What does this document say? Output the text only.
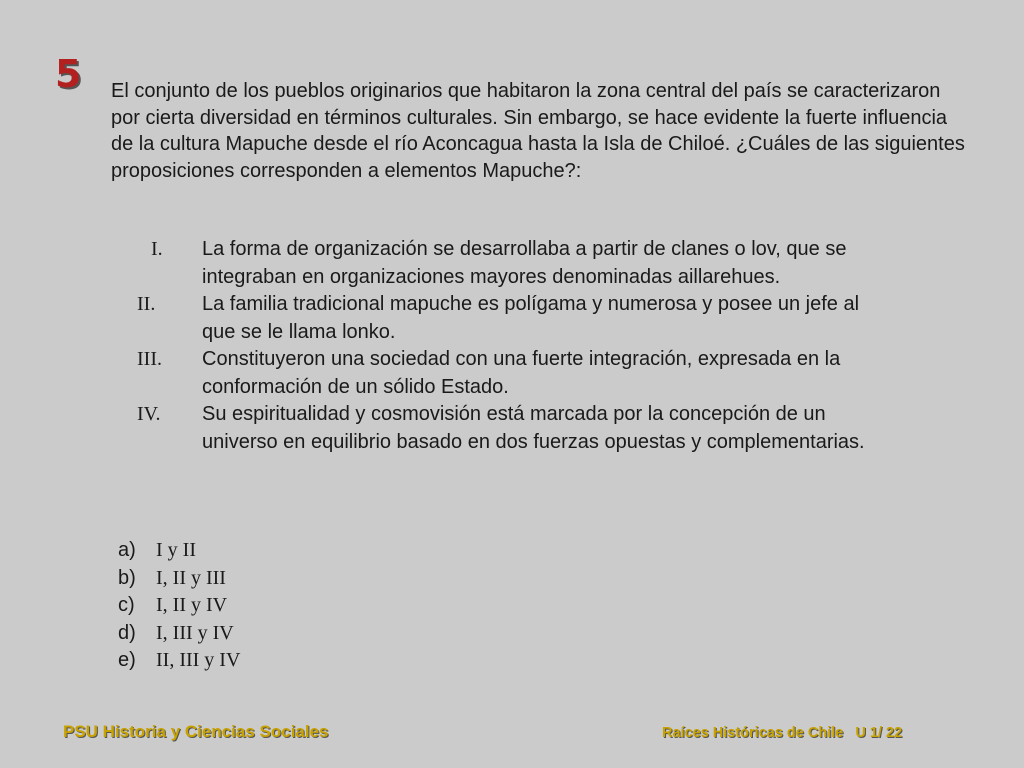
5 El conjunto de los pueblos originarios que habitaron la zona central del país se caracterizaron por cierta diversidad en términos culturales. Sin embargo, se hace evidente la fuerte influencia de la cultura Mapuche desde el río Aconcagua hasta la Isla de Chiloé. ¿Cuáles de las siguientes proposiciones corresponden a elementos Mapuche?:

I.	La forma de organización se desarrollaba a partir de clanes o lov, que se integraban en organizaciones mayores denominadas aillarehues.
II.	La familia tradicional mapuche es polígama y numerosa y posee un jefe al que se le llama lonko.
III.	Constituyeron una sociedad con una fuerte integración, expresada en la conformación de un sólido Estado.
IV.	Su espiritualidad y cosmovisión está marcada por la concepción de un universo en equilibrio basado en dos fuerzas opuestas y complementarias.
a)	I y II
b)	I, II y III
c)	I, II y IV
d)	I, III y IV
e)	II, III y IV
PSU Historia y Ciencias Sociales	Raíces Históricas de Chile   U 1/ 22
